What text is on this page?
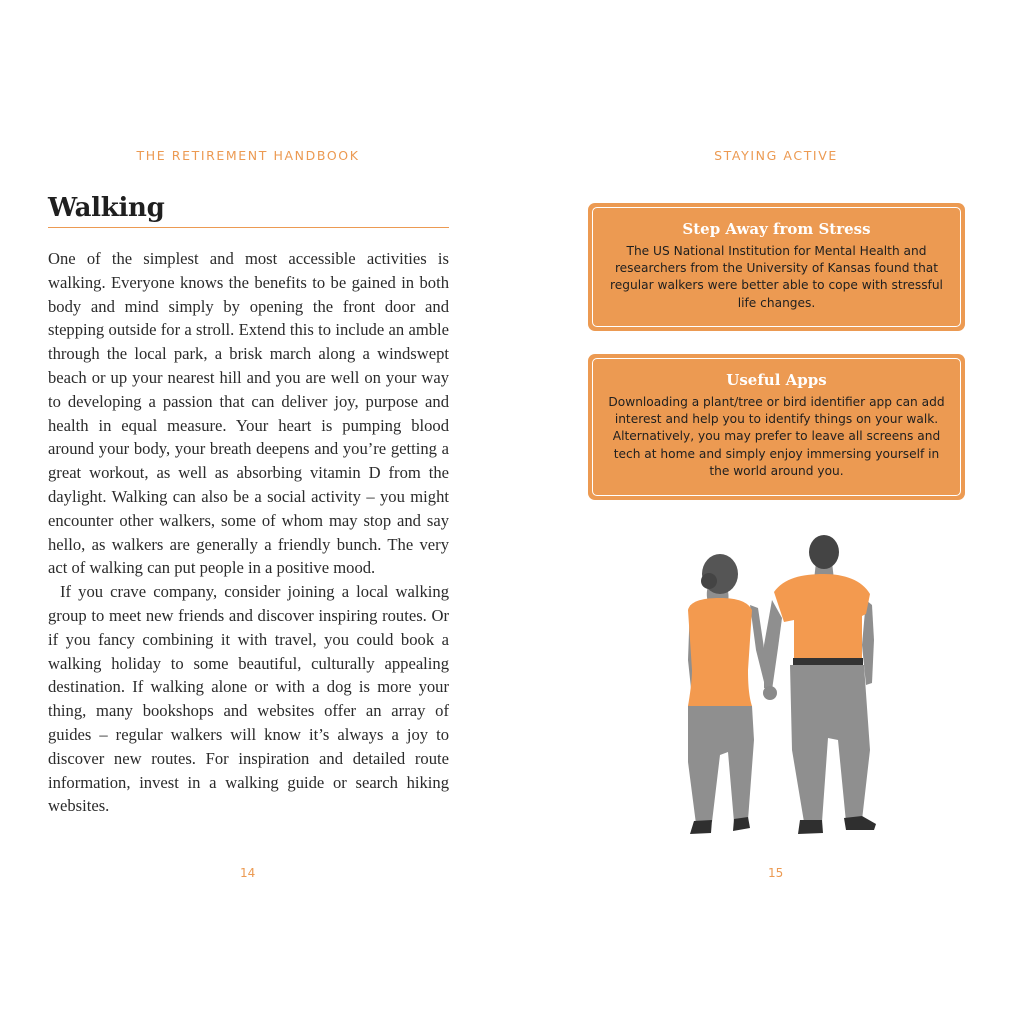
THE RETIREMENT HANDBOOK	STAYING ACTIVE
Walking

One of the simplest and most accessible activities is walking. Everyone knows the benefits to be gained in both body and mind simply by opening the front door and stepping outside for a stroll. Extend this to include an amble through the local park, a brisk march along a windswept beach or up your nearest hill and you are well on your way to developing a passion that can deliver joy, purpose and health in equal measure. Your heart is pumping blood around your body, your breath deepens and you’re getting a great workout, as well as absorbing vitamin D from the daylight. Walking can also be a social activity – you might encounter other walkers, some of whom may stop and say hello, as walkers are generally a friendly bunch. The very act of walking can put people in a positive mood.

If you crave company, consider joining a local walking group to meet new friends and discover inspiring routes. Or if you fancy combining it with travel, you could book a walking holiday to some beautiful, culturally appealing destination. If walking alone or with a dog is more your thing, many bookshops and websites offer an array of guides – regular walkers will know it’s always a joy to discover new routes. For inspiration and detailed route information, invest in a walking guide or search hiking websites.

14
Step Away from Stress
The US National Institution for Mental Health and researchers from the University of Kansas found that regular walkers were better able to cope with stressful life changes.
Useful Apps
Downloading a plant/tree or bird identifier app can add interest and help you to identify things on your walk. Alternatively, you may prefer to leave all screens and tech at home and simply enjoy immersing yourself in the world around you.
15
